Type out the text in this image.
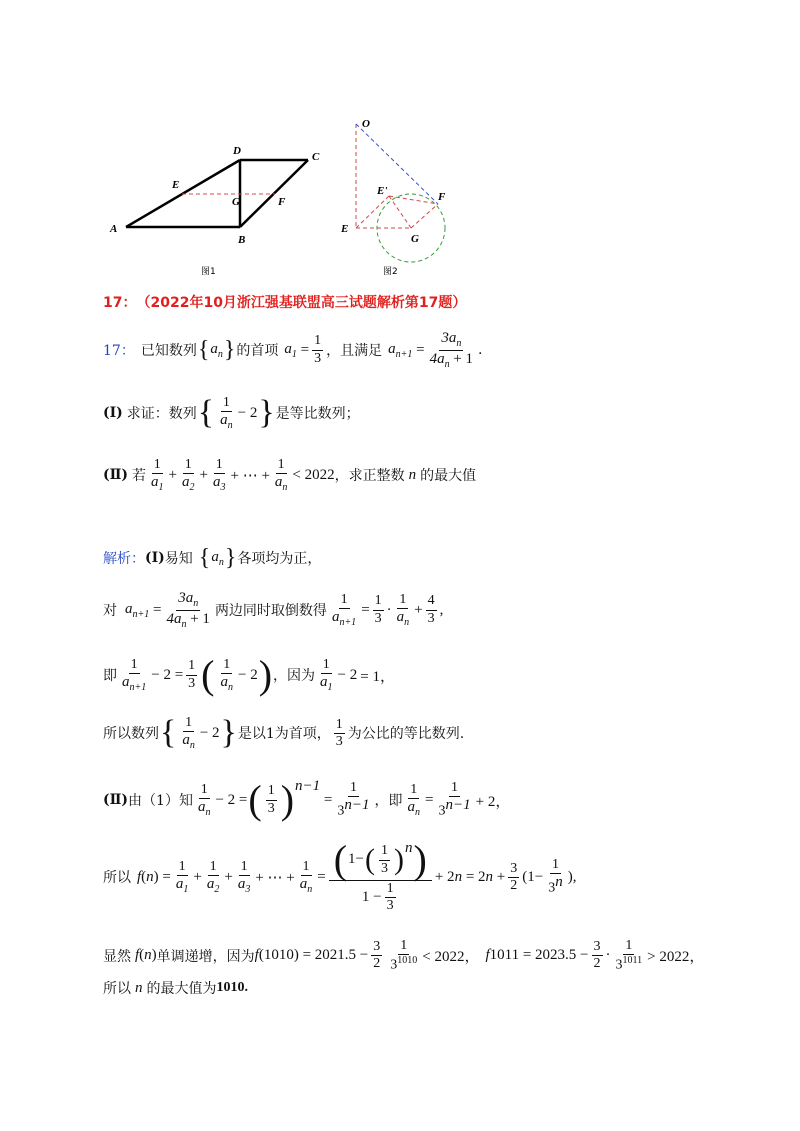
A
B
C
D
E
F
G
图1
O
E'	F
E
G
图2
17： （2022年10月浙江强基联盟高三试题解析第17题）
17： 已知数列 { $a_n$ } 的首项 $a_1 = \frac{1}{3}$ ，且满足 $a_{n+1} = \frac{3a_n}{4a_n + 1}$ .
(Ⅰ) 求证：数列 { $\frac{1}{a_n} - 2$ } 是等比数列；
(Ⅱ) 若 $\frac{1}{a_1} + \frac{1}{a_2} + \frac{1}{a_3}$ + ⋯ + $\frac{1}{a_n} < 2022$ ，求正整数 n 的最大值
解析： (Ⅰ) 易知 { $a_n$ } 各项均为正，
对 $a_{n+1} = \frac{3a_n}{4a_n + 1}$ 两边同时取倒数得 $\frac{1}{a_{n+1}} = \frac{1}{3} \cdot \frac{1}{a_n} + \frac{4}{3}$ ,
即 $\frac{1}{a_{n+1}} - 2 = \frac{1}{3}$ ( $\frac{1}{a_n} - 2$ ) ，因为 $\frac{1}{a_1} - 2 = 1$，
所以数列 { $\frac{1}{a_n} - 2$ } 是以1为首项， $\frac{1}{3}$ 为公比的等比数列.
(Ⅱ) 由（1）知 $\frac{1}{a_n} - 2$ = ( $\frac{1}{3}$ ) n−1
= $\frac{1}{3^{n-1}}$ ，即 $\frac{1}{a_n} = \frac{1}{3^{n-1}} + 2$，
所以 f ( n ) = $\frac{1}{a_1} + \frac{1}{a_2} + \frac{1}{a_3}$ + ⋯ + $\frac{1}{a_n} = \frac{( 1- ( \frac{1}{3} ) n )}{1 - \frac{1}{3}} + 2$ n = 2 $n + \frac{3}{2} (1- \frac{1}{3^n}$ ),
显然 f ( n ) 单调递增，因为 f $(1010) = 2021.5 - \frac{3}{2} \frac{1}{3^{1010}} < 2022$， f $1011 = 2023.5 - \frac{3}{2} \cdot \frac{1}{3^{1011}} > 2022$，
所以 n 的最大值为 1010.
